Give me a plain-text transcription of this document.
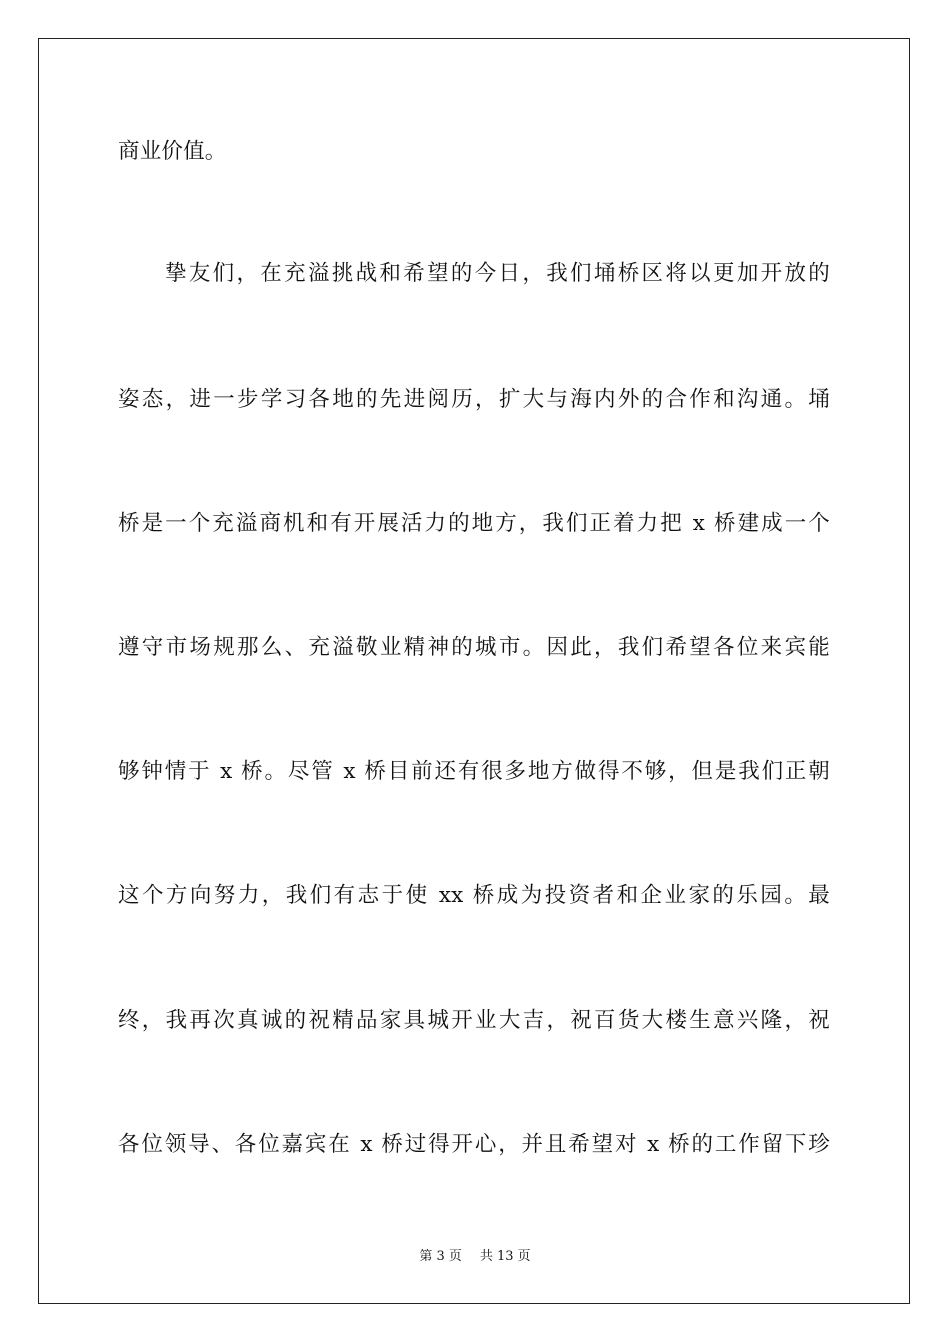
商业价值。
挚友们，在充溢挑战和希望的今日，我们埇桥区将以更加开放的
姿态，进一步学习各地的先进阅历，扩大与海内外的合作和沟通。埇
桥是一个充溢商机和有开展活力的地方，我们正着力把 x 桥建成一个
遵守市场规那么、充溢敬业精神的城市。因此，我们希望各位来宾能
够钟情于 x 桥。尽管 x 桥目前还有很多地方做得不够，但是我们正朝
这个方向努力，我们有志于使 xx 桥成为投资者和企业家的乐园。最
终，我再次真诚的祝精品家具城开业大吉，祝百货大楼生意兴隆，祝
各位领导、各位嘉宾在 x 桥过得开心，并且希望对 x 桥的工作留下珍
第 3 页 共 13 页
